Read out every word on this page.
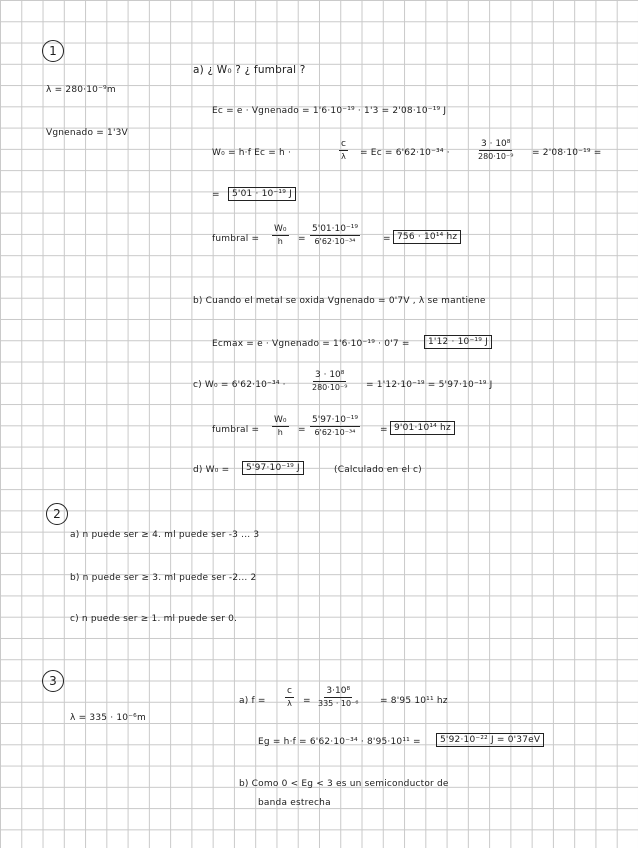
1
λ = 280·10⁻⁹m
Vgnenado = 1'3V
a) ¿ W₀ ? ¿ fumbral ?
Ec = e · Vgnenado = 1'6·10⁻¹⁹ · 1'3 = 2'08·10⁻¹⁹ J
W₀ = h·f Ec = h ·	$\frac{c}{\lambda} = Ec = 6'62\cdot 10^{-34}$ ·	$\frac{\text{3 · 10⁸}}{\text{280·10⁻⁹}} = 2'08\cdot 10^{-19}$ =
=	5'01 · 10⁻¹⁹ J
fumbral = $\frac{\text{W₀}}{h} = \frac{\text{5'01·10⁻¹⁹}}{\text{6'62·10⁻³⁴}}$	= 756 · 10¹⁴ hz
b) Cuando el metal se oxida Vgnenado = 0'7V , λ se mantiene
Ecmax = e · Vgnenado = 1'6·10⁻¹⁹ · 0'7 =	1'12 · 10⁻¹⁹ J
c) W₀ = 6'62·10⁻³⁴ ·	$\frac{\text{3 · 10⁸}}{\text{280·10⁻⁹}} = 1'12\cdot 10^{-19} = 5'97\cdot 10^{-19}$ J
fumbral = $\frac{\text{W₀}}{h} = \frac{\text{5'97·10⁻¹⁹}}{\text{6'62·10⁻³⁴}} = 9'01\cdot 10^{14}$ hz
d) W₀ =	5'97·10⁻¹⁹ J	(Calculado en el c)
2
a) n puede ser ≥ 4. ml puede ser -3 ... 3
b) n puede ser ≥ 3. ml puede ser -2... 2
c) n puede ser ≥ 1. ml puede ser 0.
3
λ = 335 · 10⁻⁶m
a) $f = \frac{c}{\lambda} = \frac{\text{3·10⁸}}{\text{335 · 10⁻⁶}} = 8'95$ 10¹¹ hz
Eg = h·f = 6'62·10⁻³⁴ · 8'95·10¹¹ =	5'92·10⁻²² J = 0'37eV
b) Como 0 < Eg < 3 es un semiconductor de
banda estrecha
